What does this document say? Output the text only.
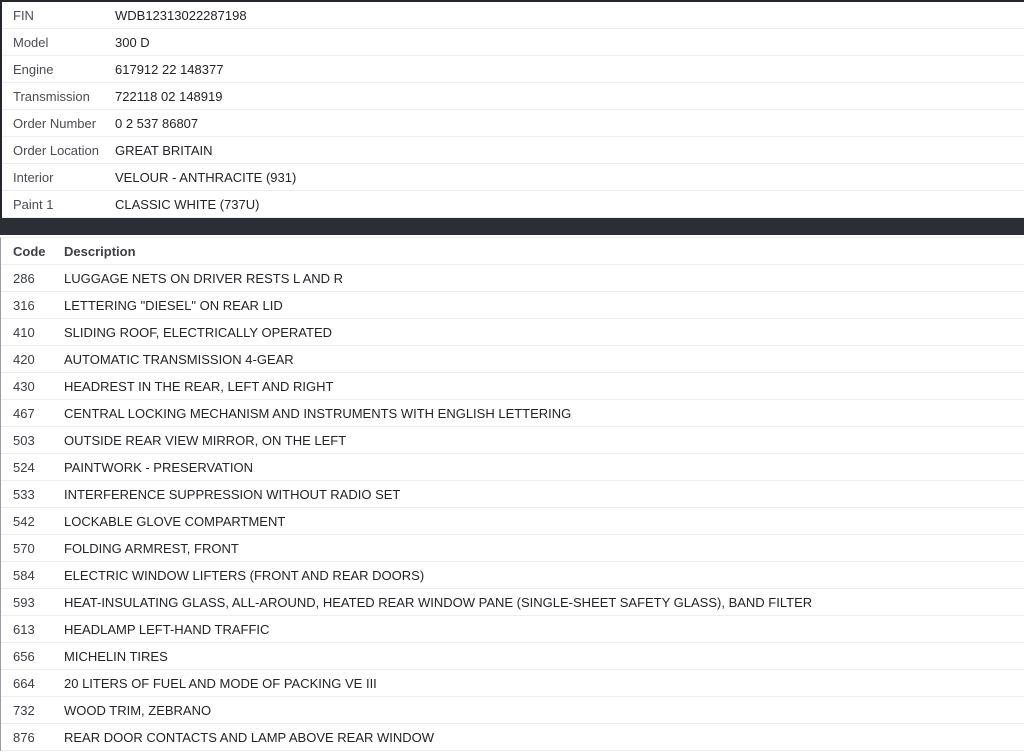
FIN	WDB12313022287198
Model	300 D
Engine	617912 22 148377
Transmission	722118 02 148919
Order Number	0 2 537 86807
Order Location	GREAT BRITAIN
Interior	VELOUR - ANTHRACITE (931)
Paint 1	CLASSIC WHITE (737U)
Code	Description
286	LUGGAGE NETS ON DRIVER RESTS L AND R
316	LETTERING "DIESEL" ON REAR LID
410	SLIDING ROOF, ELECTRICALLY OPERATED
420	AUTOMATIC TRANSMISSION 4-GEAR
430	HEADREST IN THE REAR, LEFT AND RIGHT
467	CENTRAL LOCKING MECHANISM AND INSTRUMENTS WITH ENGLISH LETTERING
503	OUTSIDE REAR VIEW MIRROR, ON THE LEFT
524	PAINTWORK - PRESERVATION
533	INTERFERENCE SUPPRESSION WITHOUT RADIO SET
542	LOCKABLE GLOVE COMPARTMENT
570	FOLDING ARMREST, FRONT
584	ELECTRIC WINDOW LIFTERS (FRONT AND REAR DOORS)
593	HEAT-INSULATING GLASS, ALL-AROUND, HEATED REAR WINDOW PANE (SINGLE-SHEET SAFETY GLASS), BAND FILTER
613	HEADLAMP LEFT-HAND TRAFFIC
656	MICHELIN TIRES
664	20 LITERS OF FUEL AND MODE OF PACKING VE III
732	WOOD TRIM, ZEBRANO
876	REAR DOOR CONTACTS AND LAMP ABOVE REAR WINDOW
